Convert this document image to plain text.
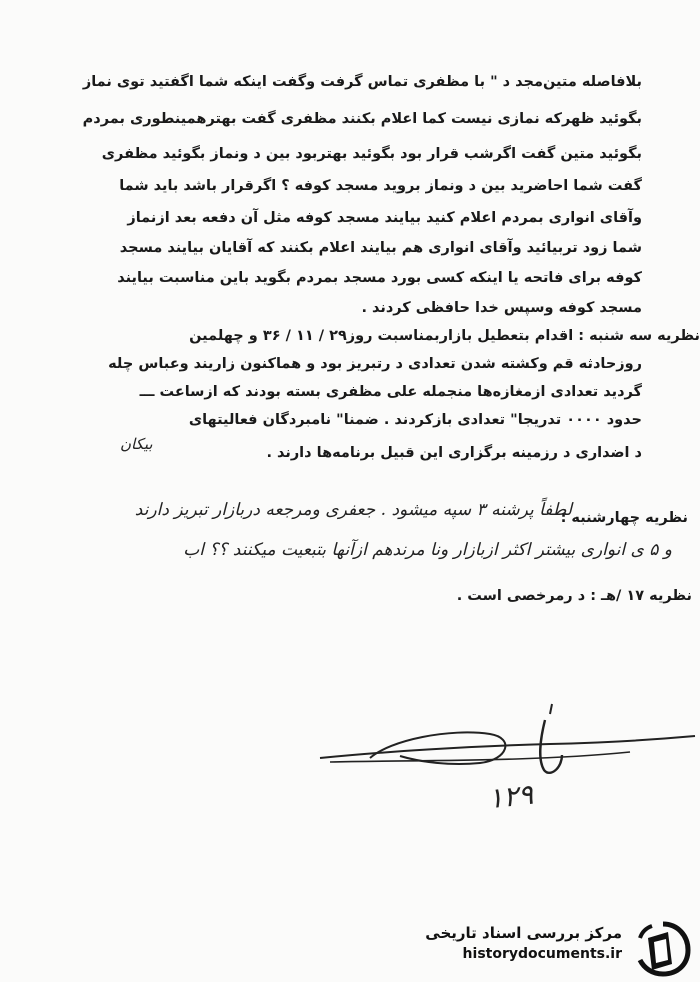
بلافاصله متین‌مجد د " با مظفری تماس گرفت وگفت اینکه شما اگفتید توی نماز
بگوئید ظهرکه نمازی نیست کما اعلام بکنند مظفری گفت بهترهمینطوری بمردم
بگوئید متین گفت اگرشب قرار بود بگوئید بهتربود بین د ونماز بگوئید مظفری
گفت شما احاضرید بین د ونماز بروید مسجد کوفه ؟ اگرقرار باشد باید شما
وآقای انواری بمردم اعلام کنید بیایند مسجد کوفه مثل آن دفعه بعد ازنماز
شما زود تربیائید وآقای انواری هم بیایند اعلام بکنند که آقایان بیایند مسجد
کوفه برای فاتحه یا اینکه کسی بورد مسجد بمردم بگوید باین مناسبت بیایند
مسجد کوفه وسپس خدا حافظی کردند .
نظریه سه شنبه : اقدام بتعطیل بازاربمناسبت روز۲۹ / ۱۱ / ۳۶ و چهلمین
روزحادثه قم وکشته شدن تعدادی د رتبریز بود و هماکنون زاریند وعباس چله
گردید تعدادی ازمغازه‌ها منجمله علی مظفری بسته بودند که ازساعت ـــ
حدود ۰۰۰۰ تدریجا" تعدادی بازکردند . ضمنا" نامبردگان فعالیتهای
د اضداری د رزمینه برگزاری این قبیل برنامه‌ها دارند .
بیکان
نظریه چهارشنبه :
لطفاً پرشنه‌ ۳ سپه میشود . جعفری ومرجعه دربازار تبریز دارند
و ۵ ی انواری بیشتر اکثر ازبازار ونا مرندهم ازآنها بتبعیت میکنند ؟؟ اب
نظریه ۱۷ /هـ : د رمرخصی است .
۱۲۹
مرکز بررسی اسناد تاریخی
historydocuments.ir
